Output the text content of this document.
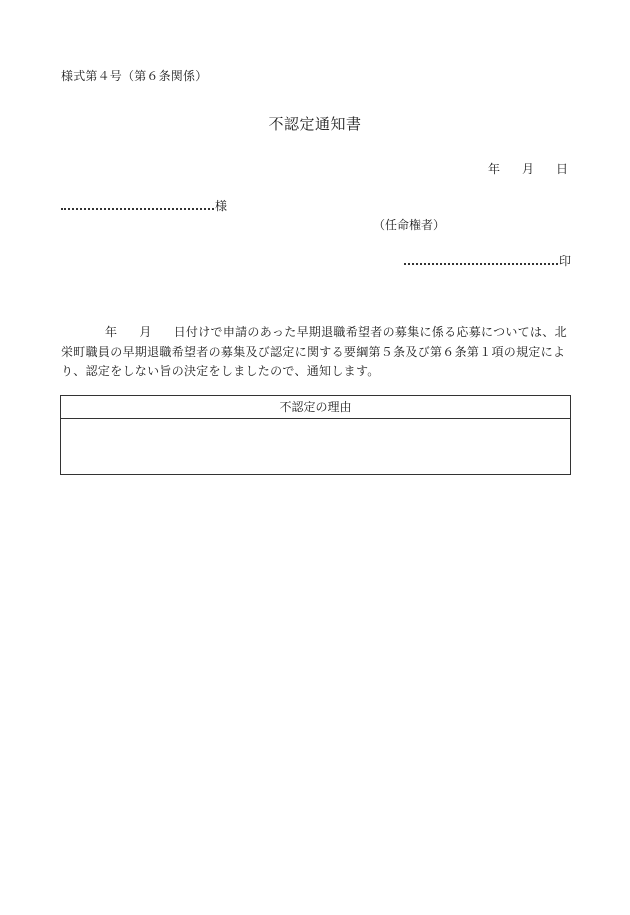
様式第４号（第６条関係）
不認定通知書
年 月 日
様
（任命権者）
印
年 月 日付けで申請のあった早期退職希望者の募集に係る応募については、北栄町職員の早期退職希望者の募集及び認定に関する要綱第５条及び第６条第１項の規定により、認定をしない旨の決定をしましたので、通知します。
不認定の理由
